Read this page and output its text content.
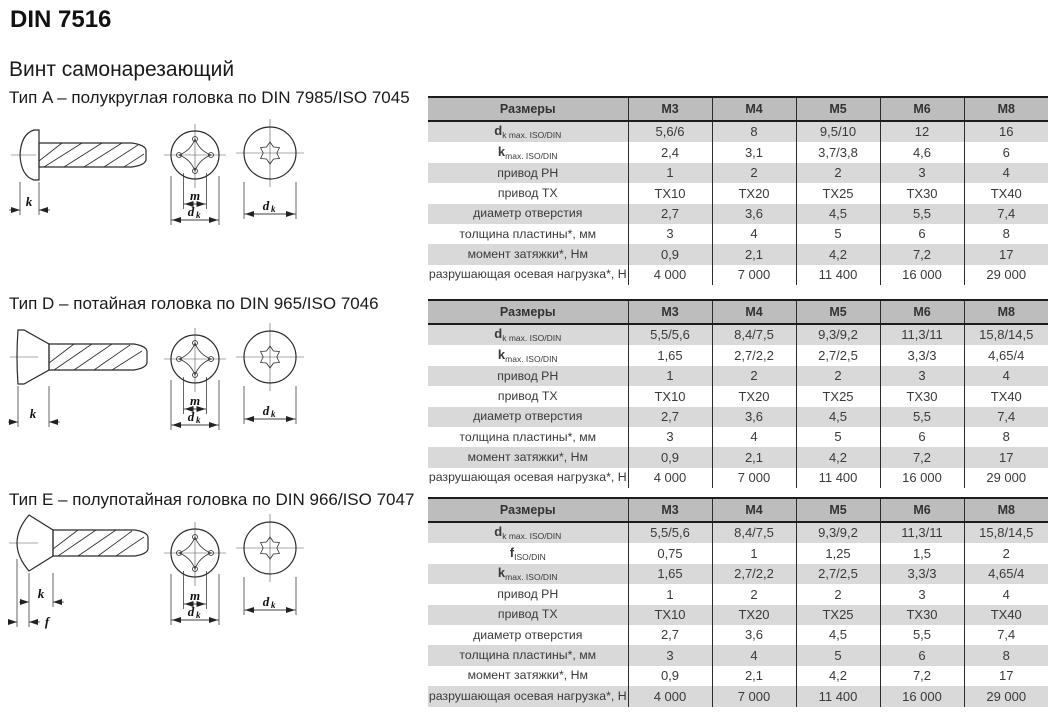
DIN 7516
Винт самонарезающий
Тип A – полукруглая головка по DIN 7985/ISO 7045
Тип D – потайная головка по DIN 965/ISO 7046
Тип E – полупотайная головка по DIN 966/ISO 7047
k	m
d k
d k
k
m
d k
d k
k
f
m
d k
d k
Размеры	M3	M4	M5	M6	M8
$d_{k max. ISO/DIN}$	5,6/6	8	9,5/10	12	16
$k_{max. ISO/DIN}$	2,4	3,1	3,7/3,8	4,6	6
привод PH	1	2	2	3	4
привод TX	TX10	TX20	TX25	TX30	TX40
диаметр отверстия	2,7	3,6	4,5	5,5	7,4
толщина пластины*, мм	3	4	5	6	8
момент затяжки*, Нм	0,9	2,1	4,2	7,2	17
разрушающая осевая нагрузка*, Н	4 000	7 000	11 400	16 000	29 000
Размеры	M3	M4	M5	M6	M8
$d_{k max. ISO/DIN}$	5,5/5,6	8,4/7,5	9,3/9,2	11,3/11	15,8/14,5
$k_{max. ISO/DIN}$	1,65	2,7/2,2	2,7/2,5	3,3/3	4,65/4
привод PH	1	2	2	3	4
привод TX	TX10	TX20	TX25	TX30	TX40
диаметр отверстия	2,7	3,6	4,5	5,5	7,4
толщина пластины*, мм	3	4	5	6	8
момент затяжки*, Нм	0,9	2,1	4,2	7,2	17
разрушающая осевая нагрузка*, Н	4 000	7 000	11 400	16 000	29 000
Размеры	M3	M4	M5	M6	M8
$d_{k max. ISO/DIN}$	5,5/5,6	8,4/7,5	9,3/9,2	11,3/11	15,8/14,5
$f_{ISO/DIN}$	0,75	1	1,25	1,5	2
$k_{max. ISO/DIN}$	1,65	2,7/2,2	2,7/2,5	3,3/3	4,65/4
привод PH	1	2	2	3	4
привод TX	TX10	TX20	TX25	TX30	TX40
диаметр отверстия	2,7	3,6	4,5	5,5	7,4
толщина пластины*, мм	3	4	5	6	8
момент затяжки*, Нм	0,9	2,1	4,2	7,2	17
разрушающая осевая нагрузка*, Н	4 000	7 000	11 400	16 000	29 000
